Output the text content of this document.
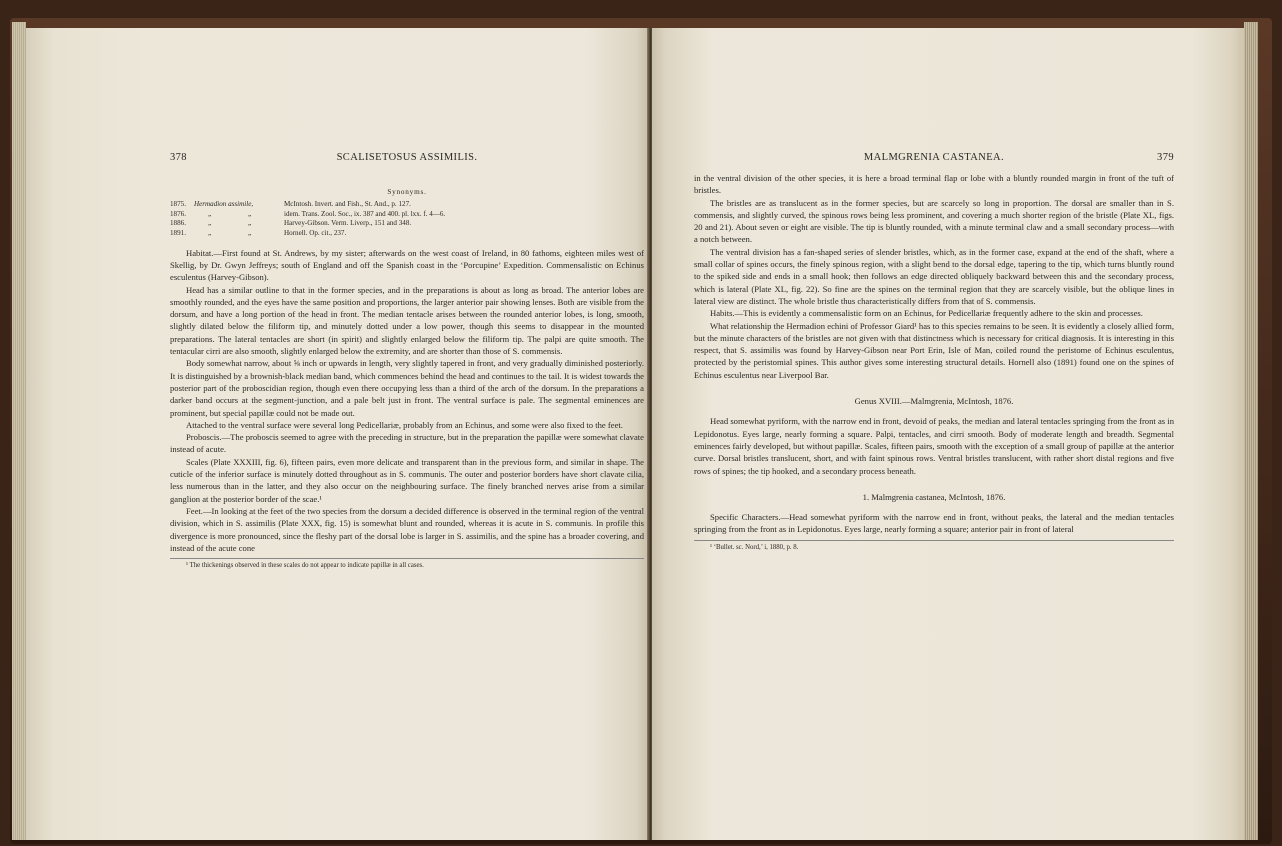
378	SCALISETOSUS ASSIMILIS.

Synonyms.

1875.	Hermadion assimile,	McIntosh. Invert. and Fish., St. And., p. 127.
1876.	„	„	idem. Trans. Zool. Soc., ix. 387 and 400. pl. lxx. f. 4—6.
1886.	„	„	Harvey-Gibson. Verm. Liverp., 151 and 348.
1891.	„	„	Hornell. Op. cit., 237.

Habitat.—First found at St. Andrews, by my sister; afterwards on the west coast of Ireland, in 80 fathoms, eighteen miles west of Skellig, by Dr. Gwyn Jeffreys; south of England and off the Spanish coast in the ‘Porcupine’ Expedition. Commensalistic on Echinus esculentus (Harvey-Gibson).

Head has a similar outline to that in the former species, and in the preparations is about as long as broad. The anterior lobes are smoothly rounded, and the eyes have the same position and proportions, the larger anterior pair showing lenses. Both are visible from the dorsum, and have a long portion of the head in front. The median tentacle arises between the rounded anterior lobes, is long, smooth, slightly dilated below the filiform tip, and minutely dotted under a low power, though this seems to disappear in the mounted preparations. The lateral tentacles are short (in spirit) and slightly enlarged below the filiform tip. The palpi are quite smooth. The tentacular cirri are also smooth, slightly enlarged below the extremity, and are shorter than those of S. commensis.

Body somewhat narrow, about ⅝ inch or upwards in length, very slightly tapered in front, and very gradually diminished posteriorly. It is distinguished by a brownish-black median band, which commences behind the head and continues to the tail. It is widest towards the posterior part of the proboscidian region, though even there occupying less than a third of the arch of the dorsum. In the preparations a darker band occurs at the segment-junction, and a pale belt just in front. The ventral surface is pale. The segmental eminences are prominent, but special papillæ could not be made out.

Attached to the ventral surface were several long Pedicellariæ, probably from an Echinus, and some were also fixed to the feet.

Proboscis.—The proboscis seemed to agree with the preceding in structure, but in the preparation the papillæ were somewhat clavate instead of acute.

Scales (Plate XXXIII, fig. 6), fifteen pairs, even more delicate and transparent than in the previous form, and similar in shape. The cuticle of the inferior surface is minutely dotted throughout as in S. communis. The outer and posterior borders have short clavate cilia, less numerous than in the latter, and they also occur on the neighbouring surface. The finely branched nerves arise from a similar ganglion at the posterior border of the scae.¹

Feet.—In looking at the feet of the two species from the dorsum a decided difference is observed in the terminal region of the ventral division, which in S. assimilis (Plate XXX, fig. 15) is somewhat blunt and rounded, whereas it is acute in S. communis. In profile this divergence is more pronounced, since the fleshy part of the dorsal lobe is larger in S. assimilis, and the spine has a broader covering, and instead of the acute cone

¹ The thickenings observed in these scales do not appear to indicate papillæ in all cases.

MALMGRENIA CASTANEA.	379

in the ventral division of the other species, it is here a broad terminal flap or lobe with a bluntly rounded margin in front of the tuft of bristles.

The bristles are as translucent as in the former species, but are scarcely so long in proportion. The dorsal are smaller than in S. commensis, and slightly curved, the spinous rows being less prominent, and covering a much shorter region of the bristle (Plate XL, figs. 20 and 21). About seven or eight are visible. The tip is bluntly rounded, with a minute terminal claw and a small secondary process—with a notch between.

The ventral division has a fan-shaped series of slender bristles, which, as in the former case, expand at the end of the shaft, where a small collar of spines occurs, the finely spinous region, with a slight bend to the dorsal edge, tapering to the tip, which turns bluntly round to the spiked side and ends in a small hook; then follows an edge directed obliquely backward between this and the secondary process, which is lateral (Plate XL, fig. 22). So fine are the spines on the terminal region that they are scarcely visible, but the oblique lines in lateral view are distinct. The whole bristle thus characteristically differs from that of S. commensis.

Habits.—This is evidently a commensalistic form on an Echinus, for Pedicellariæ frequently adhere to the skin and processes.

What relationship the Hermadion echini of Professor Giard¹ has to this species remains to be seen. It is evidently a closely allied form, but the minute characters of the bristles are not given with that distinctness which is necessary for critical diagnosis. It is interesting in this respect, that S. assimilis was found by Harvey-Gibson near Port Erin, Isle of Man, coiled round the peristome of Echinus esculentus, protected by the peristomial spines. This author gives some interesting structural details. Hornell also (1891) found one on the spines of Echinus esculentus near Liverpool Bar.

Genus XVIII.—Malmgrenia, McIntosh, 1876.

Head somewhat pyriform, with the narrow end in front, devoid of peaks, the median and lateral tentacles springing from the front as in Lepidonotus. Eyes large, nearly forming a square. Palpi, tentacles, and cirri smooth. Body of moderate length and breadth. Segmental eminences fairly developed, but without papillæ. Scales, fifteen pairs, smooth with the exception of a small group of papillæ at the anterior curve. Dorsal bristles translucent, short, and with faint spinous rows. Ventral bristles translucent, with rather short distal regions and five rows of spines; the tip hooked, and a secondary process beneath.

1. Malmgrenia castanea, McIntosh, 1876.

Specific Characters.—Head somewhat pyriform with the narrow end in front, without peaks, the lateral and the median tentacles springing from the front as in Lepidonotus. Eyes large, nearly forming a square; anterior pair in front of lateral

¹ ‘Bullet. sc. Nord,’ i, 1880, p. 8.
